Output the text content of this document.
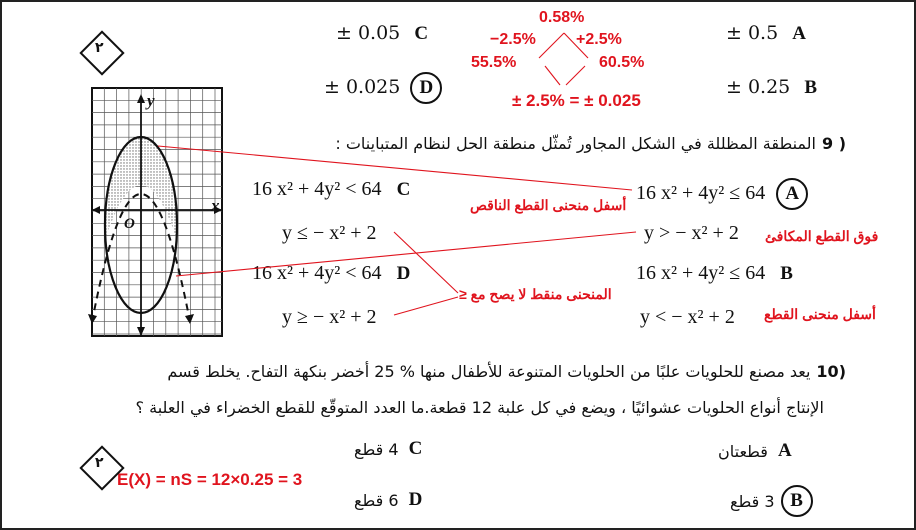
± 0.5 A
± 0.25 B
± 0.05 C
± 0.025 D
0.58%
−2.5%	+2.5%
55.5%	60.5%
± 2.5% = ± 0.025
٢
المنطقة المظللة في الشكل المجاور تُمثّل منطقة الحل لنظام المتباينات : 9 )
16 x² + 4y² ≤ 64 A
y > − x² + 2
16 x² + 4y² ≤ 64 B
y < − x² + 2
16 x² + 4y² < 64 C
y ≤ − x² + 2
16 x² + 4y² < 64 D
y ≥ − x² + 2
أسفل منحنى القطع الناقص
فوق القطع المكافئ
المنحنى منقط لا يصح مع ≤
أسفل منحنى القطع
y
x
O
يعد مصنع للحلويات علبًا من الحلويات المتنوعة للأطفال منها % 25 أخضر بنكهة التفاح. يخلط قسم 10)
الإنتاج أنواع الحلويات عشوائيًا ، ويضع في كل علبة 12 قطعة.ما العدد المتوقّع للقطع الخضراء في العلبة ؟
قطعتان A
3 قطع B
4 قطع C
6 قطع D
E(X) = nS = 12×0.25 = 3
٢
